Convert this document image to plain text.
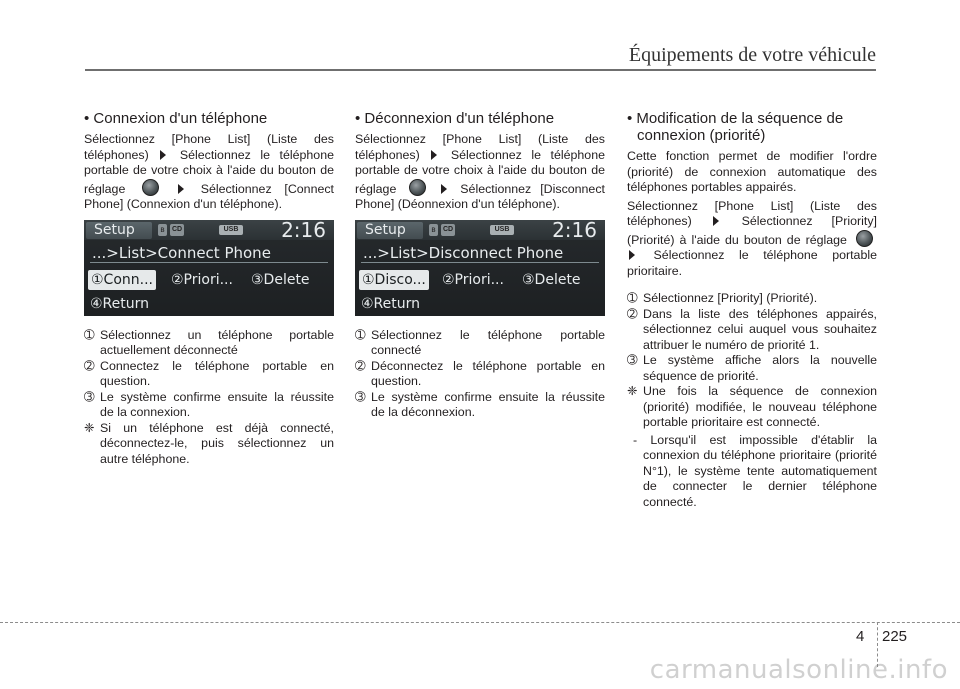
Équipements de votre véhicule
• Connexion d'un téléphone

Sélectionnez [Phone List] (Liste des téléphones)	Sélectionnez le téléphone portable de votre choix à l'aide du bouton de réglage	Sélectionnez [Connect Phone] (Connexion d'un téléphone).

Setup	ʙ	CD	USB 2:16
...>List>Connect Phone
①Conn... ②Priori... ③Delete
④Return

➀ Sélectionnez un téléphone portable actuellement déconnecté

➁ Connectez le téléphone portable en question.

➂ Le système confirme ensuite la réussite de la connexion.

❈ Si un téléphone est déjà connecté, déconnectez-le, puis sélectionnez un autre téléphone.

• Déconnexion d'un téléphone

Sélectionnez [Phone List] (Liste des téléphones)	Sélectionnez le téléphone portable de votre choix à l'aide du bouton de réglage	Sélectionnez [Disconnect Phone] (Déonnexion d'un téléphone).

Setup	ʙ	CD	USB 2:16
...>List>Disconnect Phone
①Disco... ②Priori... ③Delete
④Return

➀ Sélectionnez le téléphone portable connecté

➁ Déconnectez le téléphone portable en question.

➂ Le système confirme ensuite la réussite de la déconnexion.

• Modification de la séquence de
connexion (priorité)

Cette fonction permet de modifier l'ordre (priorité) de connexion automatique des téléphones portables appairés.

Sélectionnez [Phone List] (Liste des téléphones)	Sélectionnez [Priority] (Priorité) à l'aide du bouton de réglage   Sélectionnez le téléphone portable prioritaire.

➀ Sélectionnez [Priority] (Priorité).

➁ Dans la liste des téléphones appairés, sélectionnez celui auquel vous souhaitez attribuer le numéro de priorité 1.

➂ Le système affiche alors la nouvelle séquence de priorité.

❈ Une fois la séquence de connexion (priorité) modifiée, le nouveau téléphone portable prioritaire est connecté.

- Lorsqu'il est impossible d'établir la connexion du téléphone prioritaire (priorité N°1), le système tente automatiquement de connecter le dernier téléphone connecté.

4 225
carmanualsonline.info
